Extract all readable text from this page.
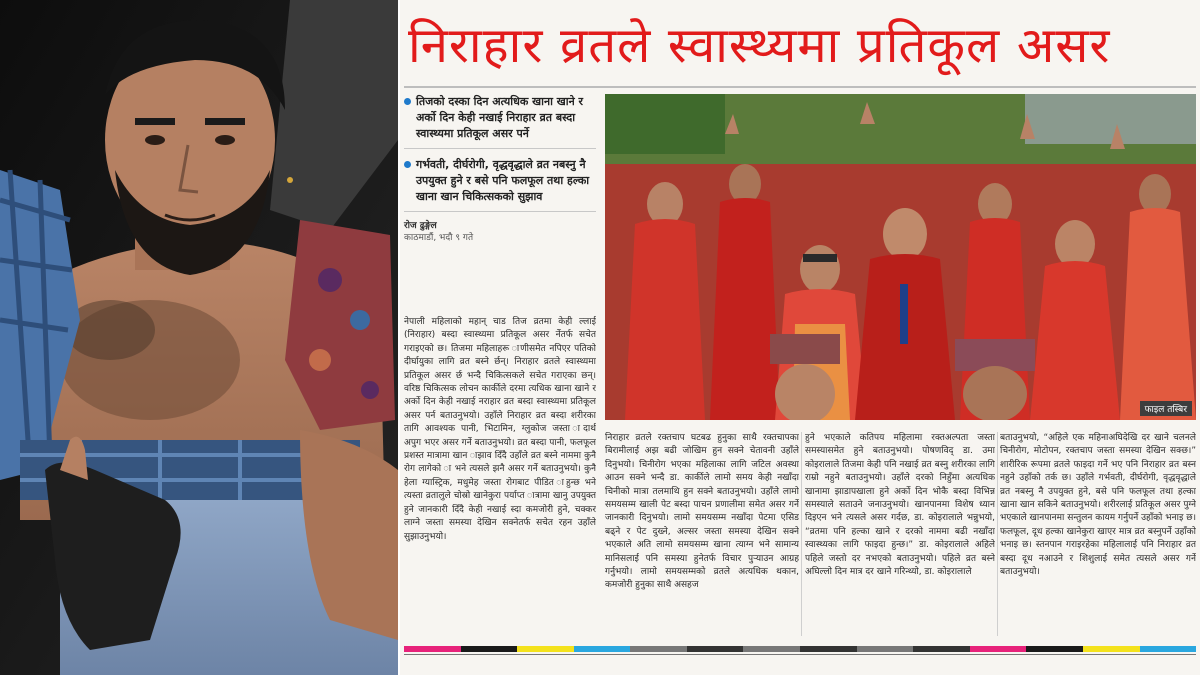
निराहार व्रतले स्वास्थ्यमा प्रतिकूल असर
तिजको दस्का दिन अत्यधिक खाना खाने र अर्को दिन केही नखाई निराहार व्रत बस्दा स्वास्थ्यमा प्रतिकूल असर पर्ने
गर्भवती, दीर्घरोगी, वृद्धवृद्धाले व्रत नबस्नु नै उपयुक्त हुने र बसे पनि फलफूल तथा हल्का खाना खान चिकित्सकको सुझाव
रोज ढुङ्गेल
काठमाडौं, भदौ ९ गते
नेपाली महिलाको महान् चाड तिज व्रतमा केही ल्लाई (निराहार) बस्दा स्वास्थ्यमा प्रतिकूल असर र्नेतर्फ सचेत गराइएको छ। तिजमा महिलाहरू ाणीसमेत नपिएर पतिको दीर्घायुका लागि व्रत बस्ने र्छन्। निराहार व्रतले स्वास्थ्यमा प्रतिकूल असर र्छ भन्दै चिकित्सकले सचेत गराएका छन्। वरिष्ठ चिकित्सक लोचन कार्कीले दरमा त्यधिक खाना खाने र अर्को दिन केही नखाई नराहार व्रत बस्दा स्वास्थ्यमा प्रतिकूल असर पर्न बताउनुभयो। उहाँले निराहार व्रत बस्दा शरीरका तागि आवश्यक पानी, भिटामिन, ग्लुकोज जस्ता ादार्थ अपुग भएर असर गर्ने बताउनुभयो। व्रत बस्दा पानी, फलफूल प्रशस्त मात्रामा खान ाझाव दिँदै उहाँले व्रत बस्ने नाममा कुनै रोग लागेको ा भने त्यसले झनै असर गर्ने बताउनुभयो। कुनै हेला ग्यास्ट्रिक, मधुमेह जस्ता रोगबाट पीडित ाहुन्छ भने त्यस्ता व्रतालुले चोस्रो खानेकुरा पर्याप्त ात्रामा खानु उपयुक्त हुने जानकारी दिँदै केही नखाई स्दा कमजोरी हुने, चक्कर लाग्ने जस्ता समस्या देखिन सक्नेतर्फ सचेत रहन उहाँले सुझाउनुभयो।
फाइल तस्बिर
निराहार व्रतले रक्तचाप घटबढ हुनुका साथै रक्तचापका बिरामीलाई अझ बढी जोखिम हुन सक्ने चेतावनी उहाँले दिनुभयो। चिनीरोग भएका महिलाका लागि जटिल अवस्था आउन सक्ने भन्दै डा. कार्कीले लामो समय केही नखाँदा चिनीको मात्रा तलमाथि हुन सक्ने बताउनुभयो। उहाँले लामो समयसम्म खाली पेट बस्दा पाचन प्रणालीमा समेत असर गर्ने जानकारी दिनुभयो। लामो समयसम्म नखाँदा पेटमा एसिड बढ्ने र पेट दुख्ने, अल्सर जस्ता समस्या देखिन सक्ने भएकाले अति लामो समयसम्म खाना त्याग्न भने सामान्य मानिसलाई पनि समस्या हुनेतर्फ विचार पुऱ्याउन आग्रह गर्नुभयो। लामो समयसम्मको व्रतले अत्यधिक थकान, कमजोरी हुनुका साथै असहज
हुने भएकाले कतिपय महिलामा रक्तअल्पता जस्ता समस्यासमेत हुने बताउनुभयो। पोषणविद् डा. उमा कोइरालाले तिजमा केही पनि नखाई व्रत बस्नु शरीरका लागि राम्रो नहुने बताउनुभयो। उहाँले दरको निहुँमा अत्यधिक खानामा झाडापखाला हुने अर्को दिन भोकै बस्दा विभिन्न समस्याले सताउने जनाउनुभयो। खानपानमा विशेष ध्यान दिइएन भने त्यसले असर गर्दछ, डा. कोइरालाले भन्नुभयो, “व्रतमा पनि हल्का खाने र दरको नाममा बढी नखाँदा स्वास्थ्यका लागि फाइदा हुन्छ।” डा. कोइरालाले अहिले पहिले जस्तो दर नभएको बताउनुभयो। पहिले व्रत बस्ने अघिल्लो दिन मात्र दर खाने गरिन्थ्यो, डा. कोइरालाले
बताउनुभयो, “अहिले एक महिनाअघिदेखि दर खाने चलनले चिनीरोग, मोटोपन, रक्तचाप जस्ता समस्या देखिन सक्छ।” शारीरिक रूपमा व्रतले फाइदा गर्ने भए पनि निराहार व्रत बस्न नहुने उहाँको तर्क छ। उहाँले गर्भवती, दीर्घरोगी, वृद्धवृद्धाले व्रत नबस्नु नै उपयुक्त हुने, बसे पनि फलफूल तथा हल्का खाना खान सकिने बताउनुभयो। शरीरलाई प्रतिकूल असर पुग्ने भएकाले खानपानमा सन्तुलन कायम गर्नुपर्ने उहाँको भनाइ छ। फलफूल, दूध हल्का खानेकुरा खाएर मात्र व्रत बस्नुपर्ने उहाँको भनाइ छ। स्तनपान गराइरहेका महिलालाई पनि निराहार व्रत बस्दा दूध नआउने र शिशुलाई समेत त्यसले असर गर्ने बताउनुभयो।
